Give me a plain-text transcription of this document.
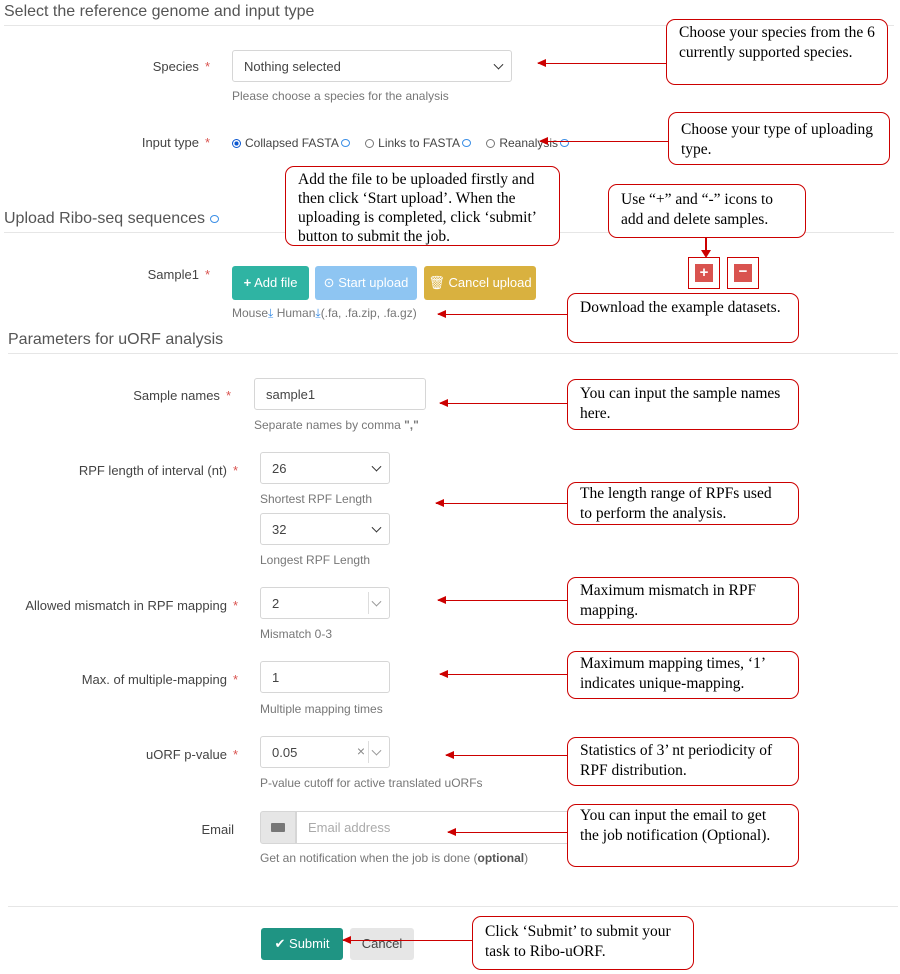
Select the reference genome and input type
Species *	Nothing selected
Please choose a species for the analysis
Input type *	Collapsed FASTA	Links to FASTA	Reanalysis
Upload Ribo-seq sequences
Sample1 *
+ Add file	⊙ Start upload	🗑 Cancel upload
Mouse⤓ Human⤓(.fa, .fa.zip, .fa.gz)
+	−
Parameters for uORF analysis
Sample names *	sample1
Separate names by comma ","
RPF length of interval (nt) *	26
Shortest RPF Length
32
Longest RPF Length
Allowed mismatch in RPF mapping *	2
Mismatch 0-3
Max. of multiple-mapping *	1
Multiple mapping times
uORF p-value *	0.05	×
P-value cutoff for active translated uORFs
Email	Email address
Get an notification when the job is done (optional)
✔ Submit	Cancel
Choose your species from the 6 currently supported species.
Choose your type of uploading type.
Add the file to be uploaded firstly and then click ‘Start upload’. When the uploading is completed, click ‘submit’ button to submit the job.
Use “+” and “-” icons to add and delete samples.
Download the example datasets.
You can input the sample names here.
The length range of RPFs used to perform the analysis.
Maximum mismatch in RPF mapping.
Maximum mapping times, ‘1’ indicates unique-mapping.
Statistics of 3’ nt periodicity of RPF distribution.
You can input the email to get the job notification (Optional).
Click ‘Submit’ to submit your task to Ribo-uORF.
